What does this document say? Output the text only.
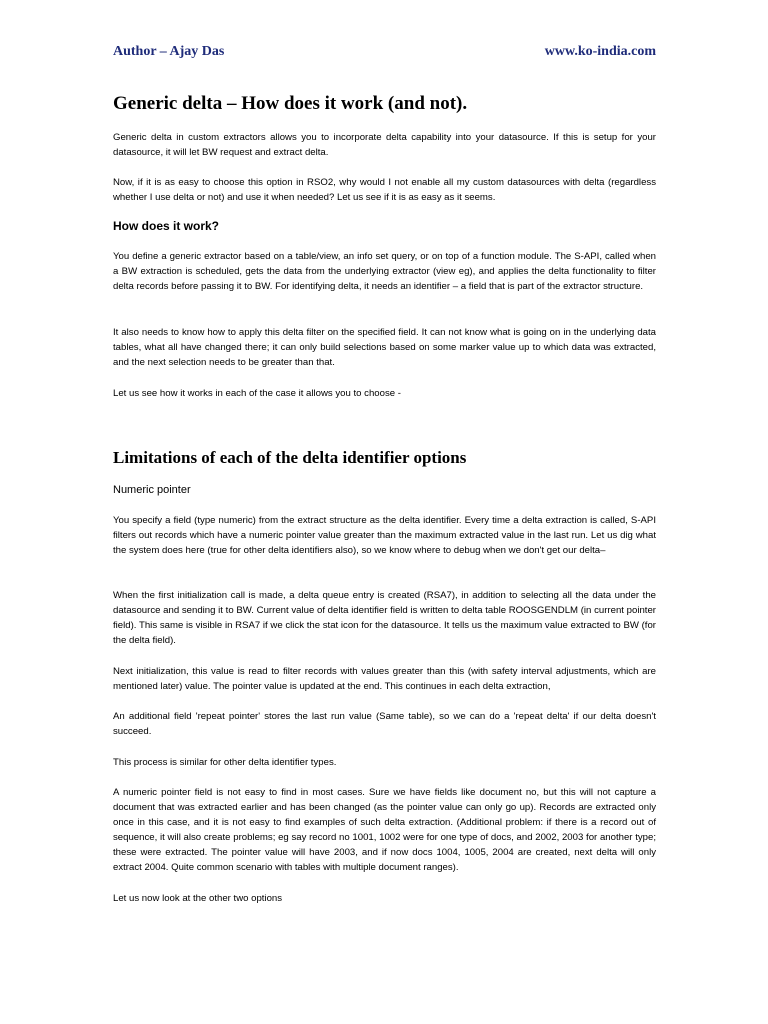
Author – Ajay Das	www.ko-india.com
Generic delta – How does it work (and not).

Generic delta in custom extractors allows you to incorporate delta capability into your datasource. If this is setup for your datasource, it will let BW request and extract delta.

Now, if it is as easy to choose this option in RSO2, why would I not enable all my custom datasources with delta (regardless whether I use delta or not) and use it when needed? Let us see if it is as easy as it seems.

How does it work?

You define a generic extractor based on a table/view, an info set query, or on top of a function module. The S-API, called when a BW extraction is scheduled, gets the data from the underlying extractor (view eg), and applies the delta functionality to filter delta records before passing it to BW. For identifying delta, it needs an identifier – a field that is part of the extractor structure.

It also needs to know how to apply this delta filter on the specified field. It can not know what is going on in the underlying data tables, what all have changed there; it can only build selections based on some marker value up to which data was extracted, and the next selection needs to be greater than that.

Let us see how it works in each of the case it allows you to choose -

Limitations of each of the delta identifier options
Numeric pointer

You specify a field (type numeric) from the extract structure as the delta identifier. Every time a delta extraction is called, S-API filters out records which have a numeric pointer value greater than the maximum extracted value in the last run. Let us dig what the system does here (true for other delta identifiers also), so we know where to debug when we don't get our delta–

When the first initialization call is made, a delta queue entry is created (RSA7), in addition to selecting all the data under the datasource and sending it to BW. Current value of delta identifier field is written to delta table ROOSGENDLM (in current pointer field). This same is visible in RSA7 if we click the stat icon for the datasource. It tells us the maximum value extracted to BW (for the delta field).

Next initialization, this value is read to filter records with values greater than this (with safety interval adjustments, which are mentioned later) value. The pointer value is updated at the end. This continues in each delta extraction,

An additional field 'repeat pointer' stores the last run value (Same table), so we can do a 'repeat delta' if our delta doesn't succeed.

This process is similar for other delta identifier types.

A numeric pointer field is not easy to find in most cases. Sure we have fields like document no, but this will not capture a document that was extracted earlier and has been changed (as the pointer value can only go up). Records are extracted only once in this case, and it is not easy to find examples of such delta extraction. (Additional problem: if there is a record out of sequence, it will also create problems; eg say record no 1001, 1002 were for one type of docs, and 2002, 2003 for another type; these were extracted. The pointer value will have 2003, and if now docs 1004, 1005, 2004 are created, next delta will only extract 2004. Quite common scenario with tables with multiple document ranges).

Let us now look at the other two options
